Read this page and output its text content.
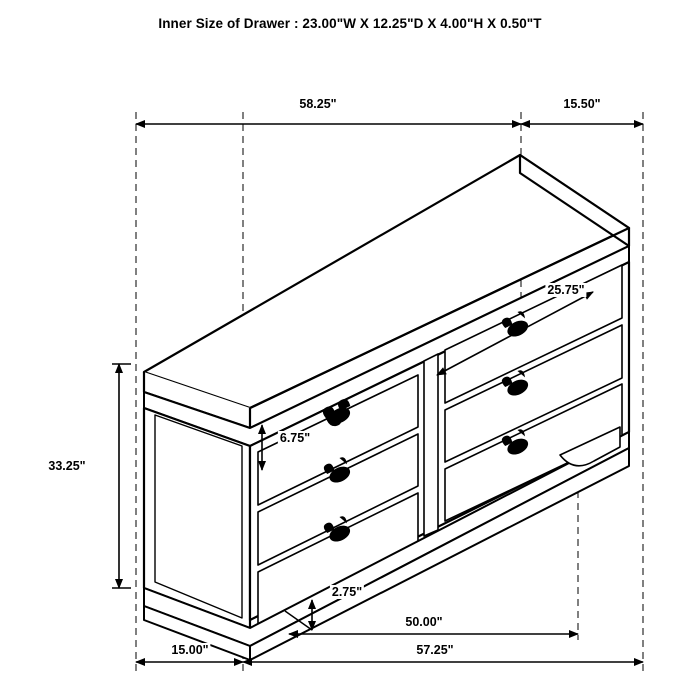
Inner Size of Drawer : 23.00"W X 12.25"D X 4.00"H X 0.50"T
58.25"	15.50"
25.75"
33.25"
6.75"
2.75"
15.00"
50.00"
57.25"
